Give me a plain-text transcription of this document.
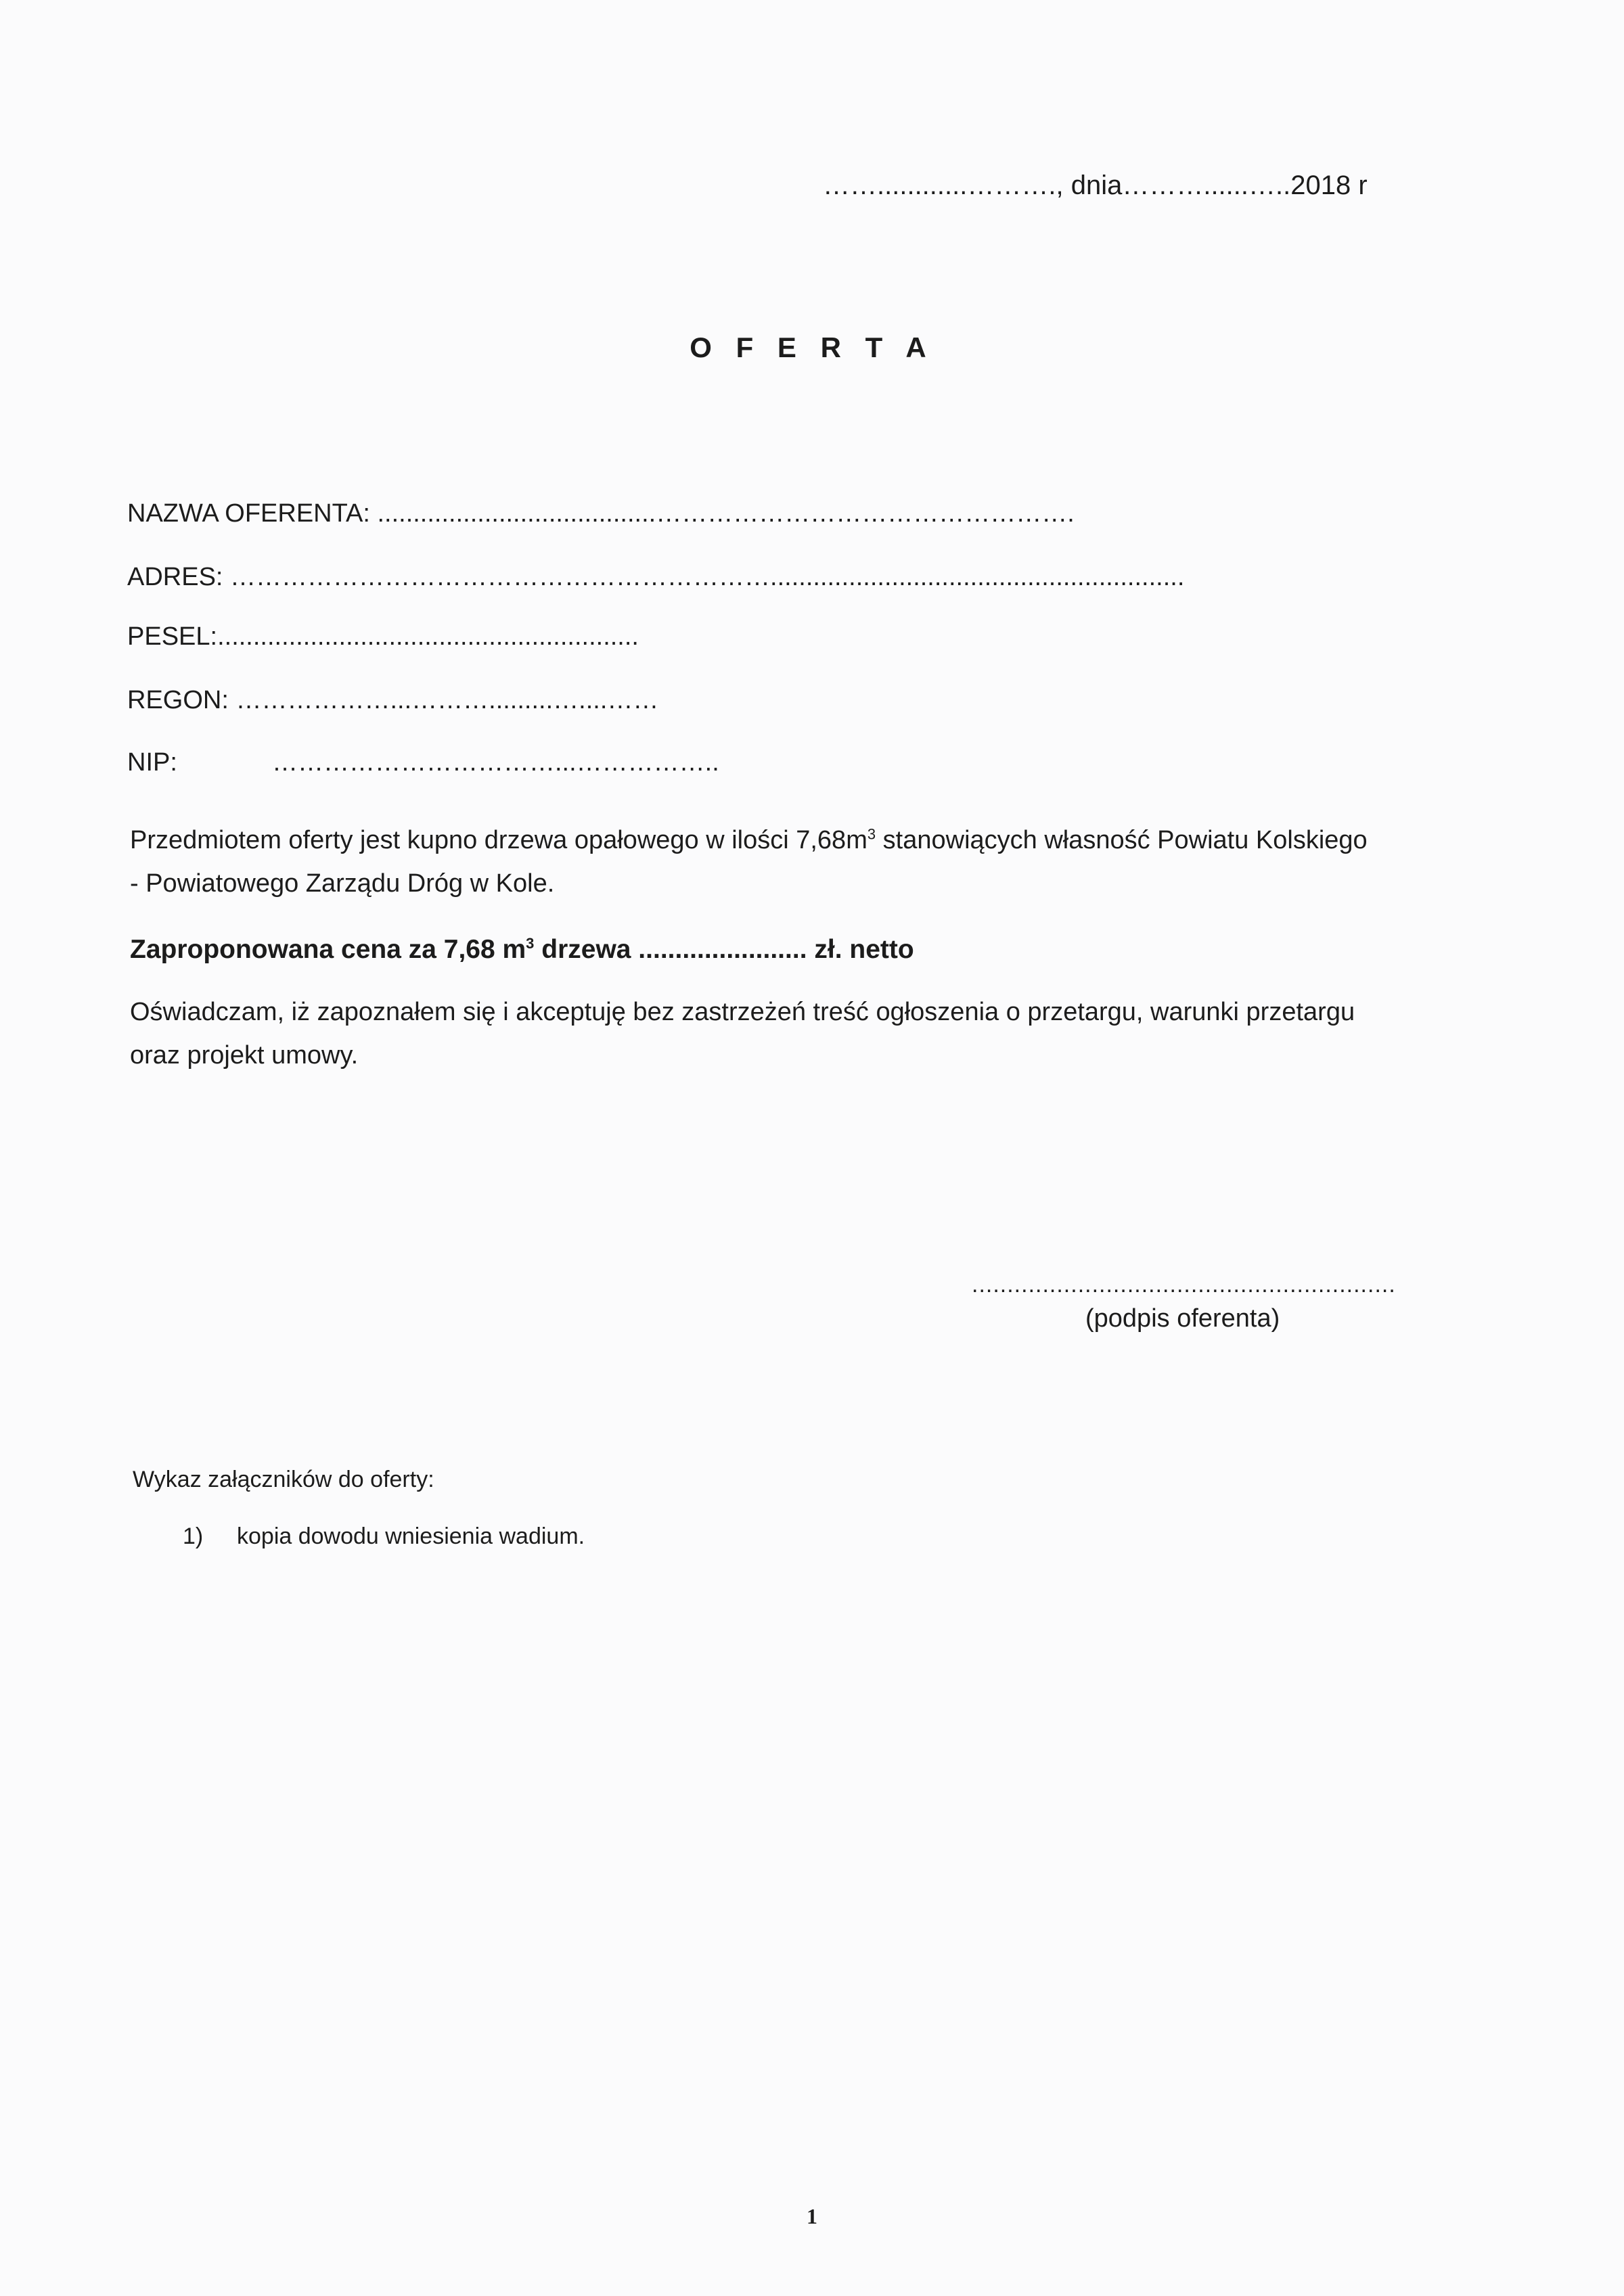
……............………., dnia………......…..2018 r
O F E R T A
NAZWA OFERENTA: .......................................………………………………………….
ADRES: ………………………………………………………..........................................................
PESEL:...........................................................
REGON: ………………...……….........…....……
NIP:	……………………………...……………..
Przedmiotem oferty jest kupno drzewa opałowego w ilości $7,68m^3$ stanowiących własność Powiatu Kolskiego
- Powiatowego Zarządu Dróg w Kole.
Zaproponowana cena za 7,68 $m^3$ drzewa ....................... zł. netto
Oświadczam, iż zapoznałem się i akceptuję bez zastrzeżeń treść ogłoszenia o przetargu, warunki przetargu
oraz projekt umowy.
............................................................
(podpis oferenta)
Wykaz załączników do oferty:
1) kopia dowodu wniesienia wadium.
1
